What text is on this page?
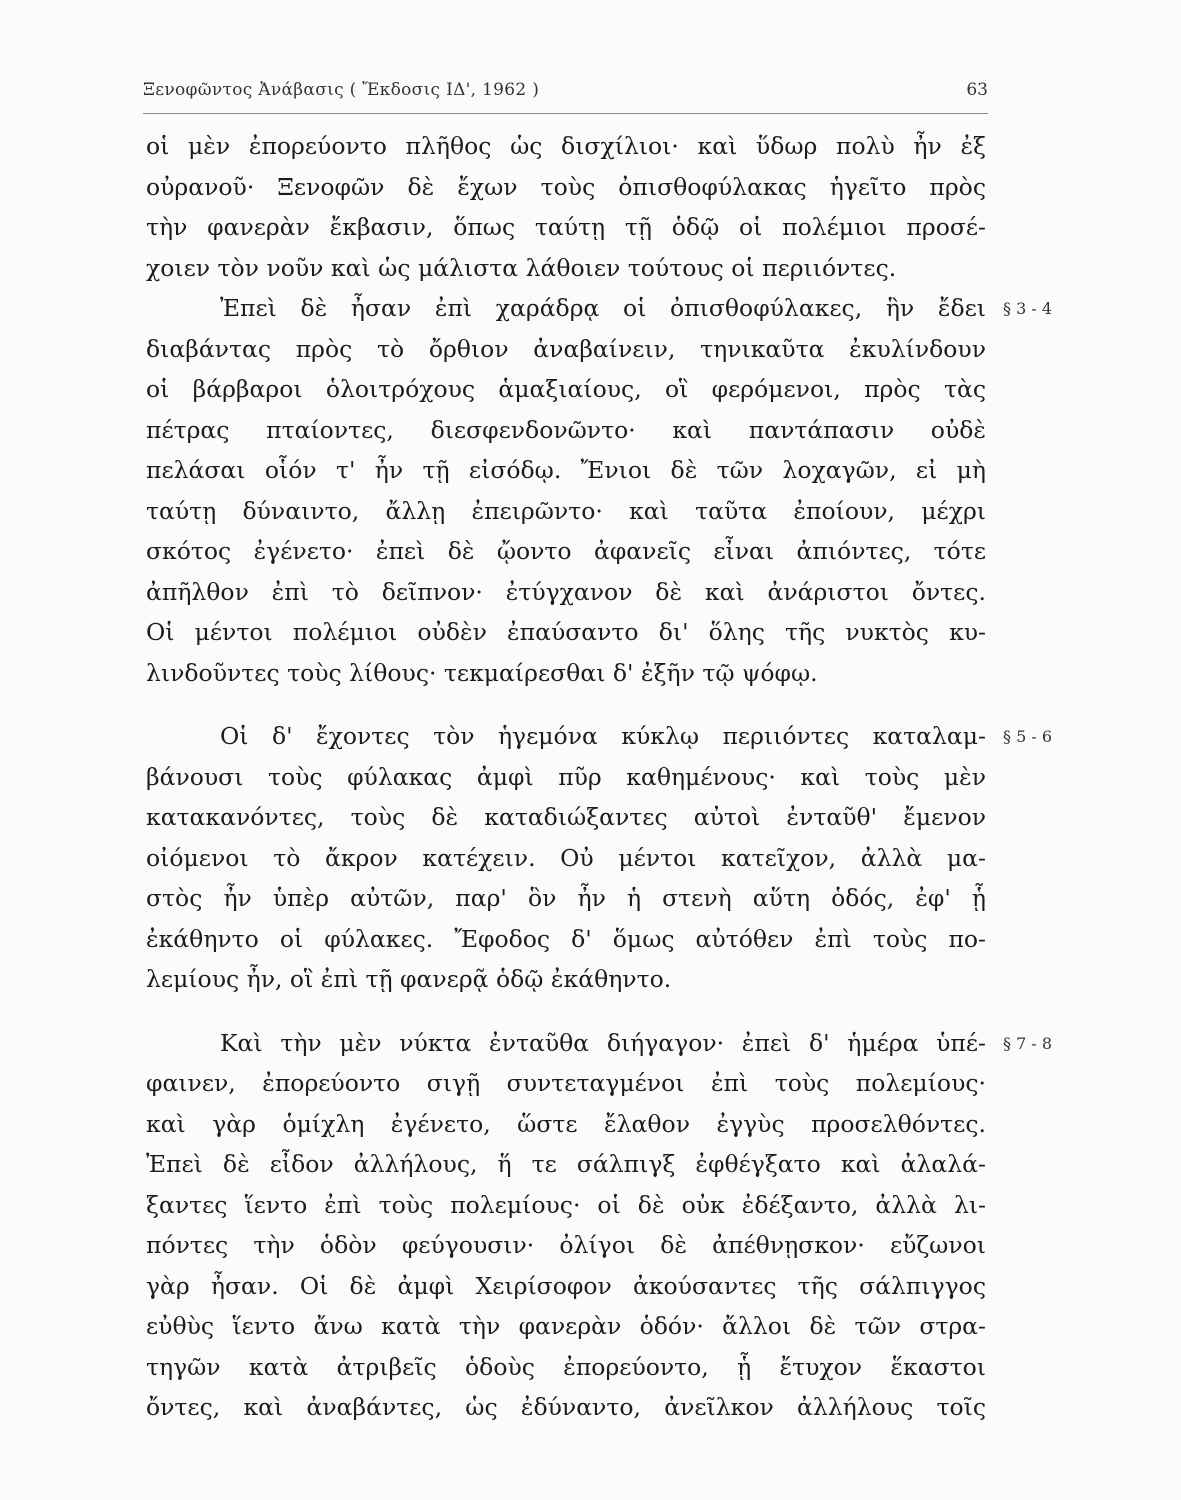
Ξενοφῶντος Ἀνάβασις ( Ἔκδοσις ΙΔ', 1962 )	63
οἱ μὲν ἐπορεύοντο πλῆθος ὡς δισχίλιοι· καὶ ὕδωρ πολὺ ἦν ἐξ
οὐρανοῦ· Ξενοφῶν δὲ ἔχων τοὺς ὀπισθοφύλακας ἡγεῖτο πρὸς
τὴν φανερὰν ἔκβασιν, ὅπως ταύτῃ τῇ ὁδῷ οἱ πολέμιοι προσέ-
χοιεν τὸν νοῦν καὶ ὡς μάλιστα λάθοιεν τούτους οἱ περιιόντες.
Ἐπεὶ δὲ ἦσαν ἐπὶ χαράδρᾳ οἱ ὀπισθοφύλακες, ἣν ἔδει
διαβάντας πρὸς τὸ ὄρθιον ἀναβαίνειν, τηνικαῦτα ἐκυλίνδουν
οἱ βάρβαροι ὁλοιτρόχους ἁμαξιαίους, οἳ φερόμενοι, πρὸς τὰς
πέτρας πταίοντες, διεσφενδονῶντο· καὶ παντάπασιν οὐδὲ
πελάσαι οἷόν τ' ἦν τῇ εἰσόδῳ. Ἔνιοι δὲ τῶν λοχαγῶν, εἰ μὴ
ταύτῃ δύναιντο, ἄλλῃ ἐπειρῶντο· καὶ ταῦτα ἐποίουν, μέχρι
σκότος ἐγένετο· ἐπεὶ δὲ ᾤοντο ἀφανεῖς εἶναι ἀπιόντες, τότε
ἀπῆλθον ἐπὶ τὸ δεῖπνον· ἐτύγχανον δὲ καὶ ἀνάριστοι ὄντες.
Οἱ μέντοι πολέμιοι οὐδὲν ἐπαύσαντο δι' ὅλης τῆς νυκτὸς κυ-
λινδοῦντες τοὺς λίθους· τεκμαίρεσθαι δ' ἐξῆν τῷ ψόφῳ.
Οἱ δ' ἔχοντες τὸν ἡγεμόνα κύκλῳ περιιόντες καταλαμ-
βάνουσι τοὺς φύλακας ἀμφὶ πῦρ καθημένους· καὶ τοὺς μὲν
κατακανόντες, τοὺς δὲ καταδιώξαντες αὐτοὶ ἐνταῦθ' ἔμενον
οἰόμενοι τὸ ἄκρον κατέχειν. Οὐ μέντοι κατεῖχον, ἀλλὰ μα-
στὸς ἦν ὑπὲρ αὐτῶν, παρ' ὃν ἦν ἡ στενὴ αὕτη ὁδός, ἐφ' ᾗ
ἐκάθηντο οἱ φύλακες. Ἔφοδος δ' ὅμως αὐτόθεν ἐπὶ τοὺς πο-
λεμίους ἦν, οἳ ἐπὶ τῇ φανερᾷ ὁδῷ ἐκάθηντο.
Καὶ τὴν μὲν νύκτα ἐνταῦθα διήγαγον· ἐπεὶ δ' ἡμέρα ὑπέ-
φαινεν, ἐπορεύοντο σιγῇ συντεταγμένοι ἐπὶ τοὺς πολεμίους·
καὶ γὰρ ὁμίχλη ἐγένετο, ὥστε ἔλαθον ἐγγὺς προσελθόντες.
Ἐπεὶ δὲ εἶδον ἀλλήλους, ἥ τε σάλπιγξ ἐφθέγξατο καὶ ἀλαλά-
ξαντες ἵεντο ἐπὶ τοὺς πολεμίους· οἱ δὲ οὐκ ἐδέξαντο, ἀλλὰ λι-
πόντες τὴν ὁδὸν φεύγουσιν· ὀλίγοι δὲ ἀπέθνῃσκον· εὔζωνοι
γὰρ ἦσαν. Οἱ δὲ ἀμφὶ Χειρίσοφον ἀκούσαντες τῆς σάλπιγγος
εὐθὺς ἵεντο ἄνω κατὰ τὴν φανερὰν ὁδόν· ἄλλοι δὲ τῶν στρα-
τηγῶν κατὰ ἀτριβεῖς ὁδοὺς ἐπορεύοντο, ᾗ ἔτυχον ἕκαστοι
ὄντες, καὶ ἀναβάντες, ὡς ἐδύναντο, ἀνεῖλκον ἀλλήλους τοῖς
§ 3 - 4
§ 5 - 6
§ 7 - 8
